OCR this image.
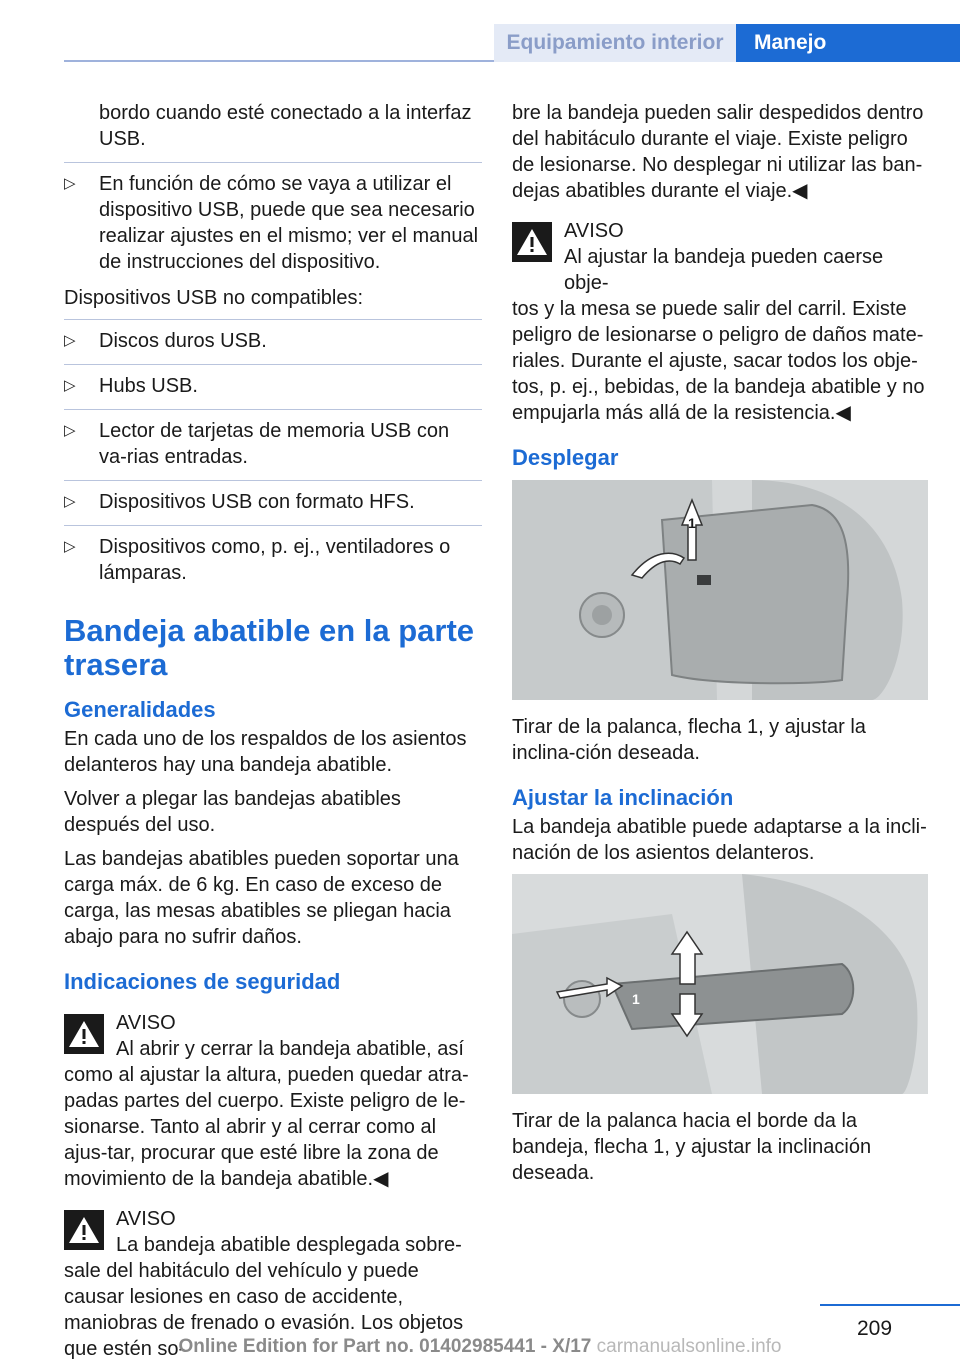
Equipamiento interior	Manejo
bordo cuando esté conectado a la interfaz USB.
▷	En función de cómo se vaya a utilizar el dispositivo USB, puede que sea necesario realizar ajustes en el mismo; ver el manual de instrucciones del dispositivo.
Dispositivos USB no compatibles:
▷	Discos duros USB.
▷	Hubs USB.
▷	Lector de tarjetas de memoria USB con va‐rias entradas.
▷	Dispositivos USB con formato HFS.
▷	Dispositivos como, p. ej., ventiladores o lámparas.
Bandeja abatible en la parte trasera
Generalidades
En cada uno de los respaldos de los asientos delanteros hay una bandeja abatible.
Volver a plegar las bandejas abatibles después del uso.
Las bandejas abatibles pueden soportar una carga máx. de 6 kg. En caso de exceso de carga, las mesas abatibles se pliegan hacia abajo para no sufrir daños.
Indicaciones de seguridad
AVISO
Al abrir y cerrar la bandeja abatible, así
como al ajustar la altura, pueden quedar atra‐padas partes del cuerpo. Existe peligro de le‐sionarse. Tanto al abrir y al cerrar como al ajus‐tar, procurar que esté libre la zona de movimiento de la bandeja abatible.◀
AVISO
La bandeja abatible desplegada sobre‐
sale del habitáculo del vehículo y puede causar lesiones en caso de accidente, maniobras de frenado o evasión. Los objetos que estén so‐
bre la bandeja pueden salir despedidos dentro del habitáculo durante el viaje. Existe peligro de lesionarse. No desplegar ni utilizar las ban‐dejas abatibles durante el viaje.◀
AVISO
Al ajustar la bandeja pueden caerse obje‐
tos y la mesa se puede salir del carril. Existe peligro de lesionarse o peligro de daños mate‐riales. Durante el ajuste, sacar todos los obje‐tos, p. ej., bebidas, de la bandeja abatible y no empujarla más allá de la resistencia.◀
Desplegar
1
Tirar de la palanca, flecha 1, y ajustar la inclina‐ción deseada.
Ajustar la inclinación
La bandeja abatible puede adaptarse a la incli‐nación de los asientos delanteros.
1
Tirar de la palanca hacia el borde da la bandeja, flecha 1, y ajustar la inclinación deseada.
209
Online Edition for Part no. 01402985441 - X/17 carmanualsonline.info
